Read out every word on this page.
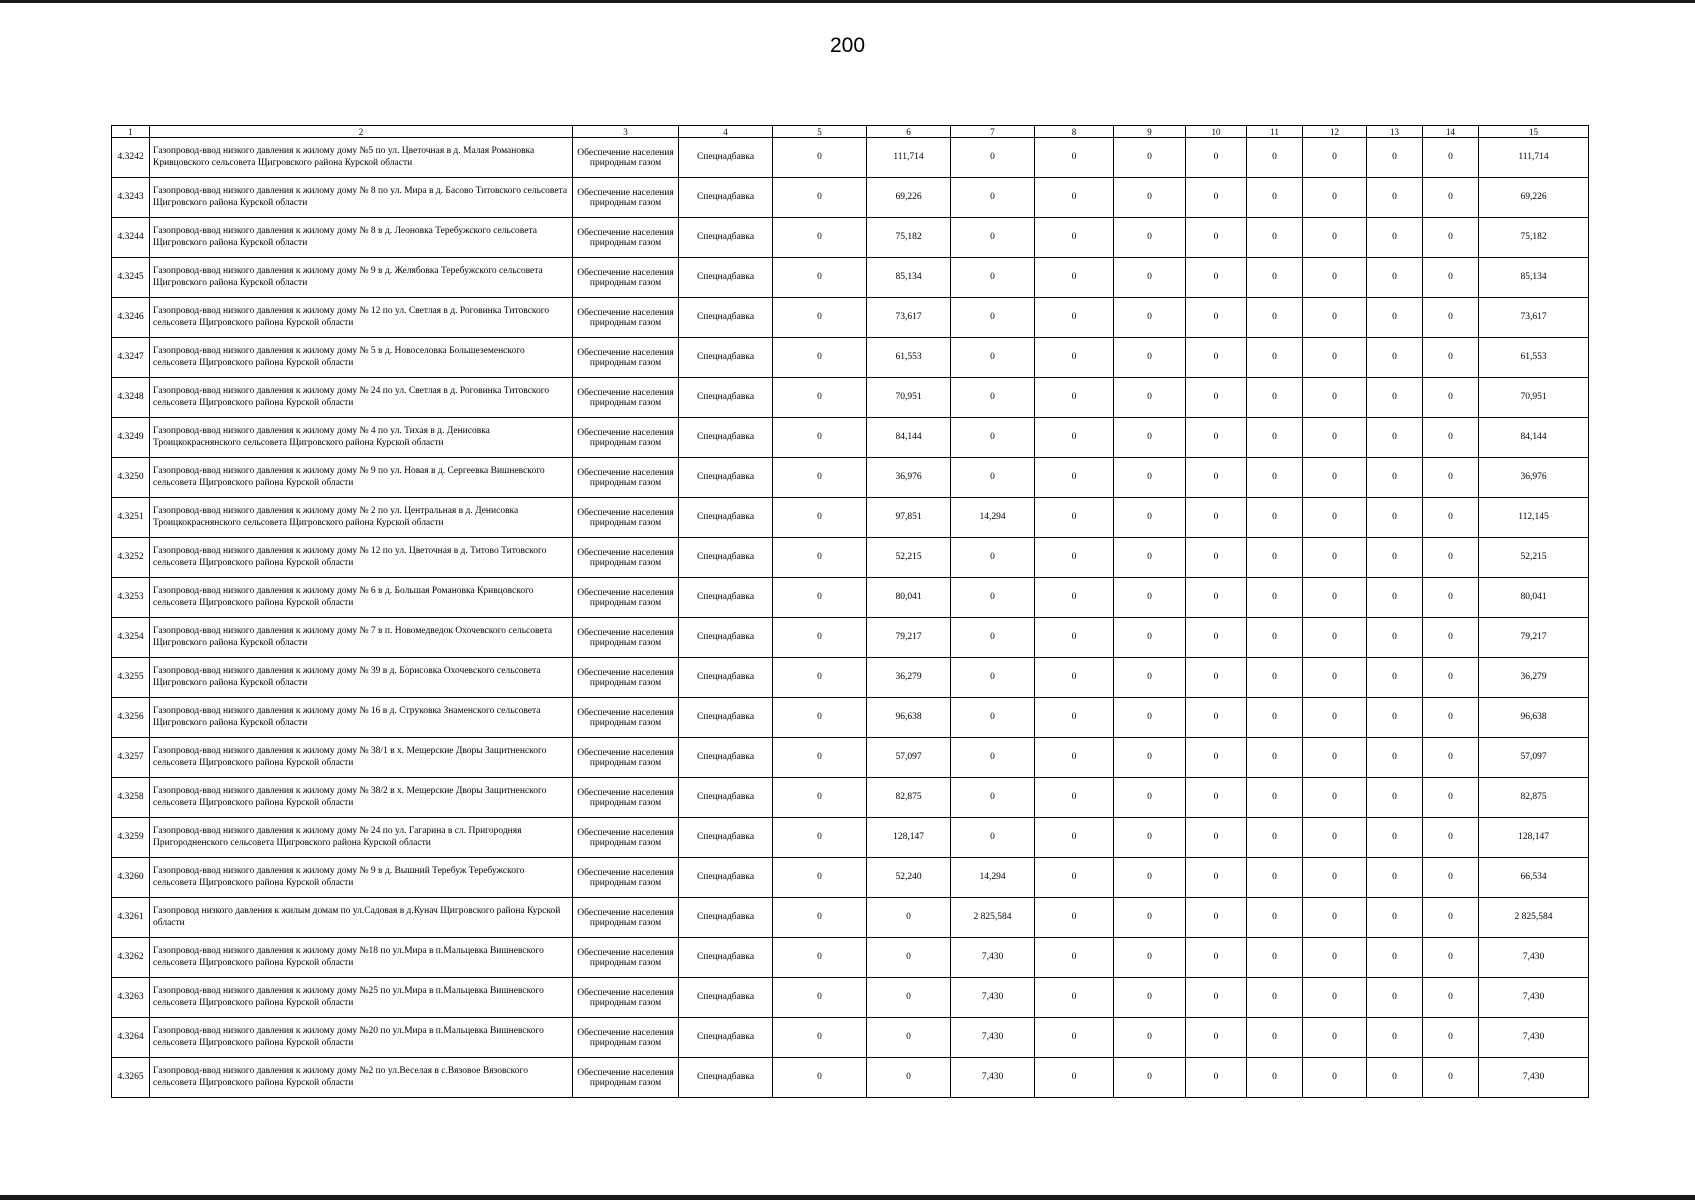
200
1	2	3	4	5	6	7	8	9	10	11	12	13	14	15
4.3242	Газопровод-ввод низкого давления к жилому дому №5 по ул. Цветочная в д. Малая Романовка Кривцовского сельсовета Щигровского района Курской области	Обеспечение населения природным газом	Спецнадбавка	0	111,714	0	0	0	0	0	0	0	0	111,714
4.3243	Газопровод-ввод низкого давления к жилому дому № 8 по ул. Мира в д. Басово Титовского сельсовета Щигровского района Курской области	Обеспечение населения природным газом	Спецнадбавка	0	69,226	0	0	0	0	0	0	0	0	69,226
4.3244	Газопровод-ввод низкого давления к жилому дому № 8 в д. Леоновка Теребужского сельсовета Щигровского района Курской области	Обеспечение населения природным газом	Спецнадбавка	0	75,182	0	0	0	0	0	0	0	0	75,182
4.3245	Газопровод-ввод низкого давления к жилому дому № 9 в д. Желябовка Теребужского сельсовета Щигровского района Курской области	Обеспечение населения природным газом	Спецнадбавка	0	85,134	0	0	0	0	0	0	0	0	85,134
4.3246	Газопровод-ввод низкого давления к жилому дому № 12 по ул. Светлая в д. Роговинка Титовского сельсовета Щигровского района Курской области	Обеспечение населения природным газом	Спецнадбавка	0	73,617	0	0	0	0	0	0	0	0	73,617
4.3247	Газопровод-ввод низкого давления к жилому дому № 5 в д. Новоселовка Большеземенского сельсовета Щигровского района Курской области	Обеспечение населения природным газом	Спецнадбавка	0	61,553	0	0	0	0	0	0	0	0	61,553
4.3248	Газопровод-ввод низкого давления к жилому дому № 24 по ул. Светлая в д. Роговинка Титовского сельсовета Щигровского района Курской области	Обеспечение населения природным газом	Спецнадбавка	0	70,951	0	0	0	0	0	0	0	0	70,951
4.3249	Газопровод-ввод низкого давления к жилому дому № 4 по ул. Тихая в д. Денисовка Троицкокраснянского сельсовета Щигровского района Курской области	Обеспечение населения природным газом	Спецнадбавка	0	84,144	0	0	0	0	0	0	0	0	84,144
4.3250	Газопровод-ввод низкого давления к жилому дому № 9 по ул. Новая в д. Сергеевка Вишневского сельсовета Щигровского района Курской области	Обеспечение населения природным газом	Спецнадбавка	0	36,976	0	0	0	0	0	0	0	0	36,976
4.3251	Газопровод-ввод низкого давления к жилому дому № 2 по ул. Центральная в д. Денисовка Троицкокраснянского сельсовета Щигровского района Курской области	Обеспечение населения природным газом	Спецнадбавка	0	97,851	14,294	0	0	0	0	0	0	0	112,145
4.3252	Газопровод-ввод низкого давления к жилому дому № 12 по ул. Цветочная в д. Титово Титовского сельсовета Щигровского района Курской области	Обеспечение населения природным газом	Спецнадбавка	0	52,215	0	0	0	0	0	0	0	0	52,215
4.3253	Газопровод-ввод низкого давления к жилому дому № 6 в д. Большая Романовка Кривцовского сельсовета Щигровского района Курской области	Обеспечение населения природным газом	Спецнадбавка	0	80,041	0	0	0	0	0	0	0	0	80,041
4.3254	Газопровод-ввод низкого давления к жилому дому № 7 в п. Новомедведок Охочевского сельсовета Щигровского района Курской области	Обеспечение населения природным газом	Спецнадбавка	0	79,217	0	0	0	0	0	0	0	0	79,217
4.3255	Газопровод-ввод низкого давления к жилому дому № 39 в д. Борисовка Охочевского сельсовета Щигровского района Курской области	Обеспечение населения природным газом	Спецнадбавка	0	36,279	0	0	0	0	0	0	0	0	36,279
4.3256	Газопровод-ввод низкого давления к жилому дому № 16 в д. Струковка Знаменского сельсовета Щигровского района Курской области	Обеспечение населения природным газом	Спецнадбавка	0	96,638	0	0	0	0	0	0	0	0	96,638
4.3257	Газопровод-ввод низкого давления к жилому дому № 38/1 в х. Мещерские Дворы Защитненского сельсовета Щигровского района Курской области	Обеспечение населения природным газом	Спецнадбавка	0	57,097	0	0	0	0	0	0	0	0	57,097
4.3258	Газопровод-ввод низкого давления к жилому дому № 38/2 в х. Мещерские Дворы Защитненского сельсовета Щигровского района Курской области	Обеспечение населения природным газом	Спецнадбавка	0	82,875	0	0	0	0	0	0	0	0	82,875
4.3259	Газопровод-ввод низкого давления к жилому дому № 24 по ул. Гагарина в сл. Пригородняя Пригородненского сельсовета Щигровского района Курской области	Обеспечение населения природным газом	Спецнадбавка	0	128,147	0	0	0	0	0	0	0	0	128,147
4.3260	Газопровод-ввод низкого давления к жилому дому № 9 в д. Вышний Теребуж Теребужского сельсовета Щигровского района Курской области	Обеспечение населения природным газом	Спецнадбавка	0	52,240	14,294	0	0	0	0	0	0	0	66,534
4.3261	Газопровод низкого давления к жилым домам по ул.Садовая в д.Кунач Щигровского района Курской области	Обеспечение населения природным газом	Спецнадбавка	0	0	2 825,584	0	0	0	0	0	0	0	2 825,584
4.3262	Газопровод-ввод низкого давления к жилому дому №18 по ул.Мира в п.Мальцевка Вишневского сельсовета Щигровского района Курской области	Обеспечение населения природным газом	Спецнадбавка	0	0	7,430	0	0	0	0	0	0	0	7,430
4.3263	Газопровод-ввод низкого давления к жилому дому №25 по ул.Мира в п.Мальцевка Вишневского сельсовета Щигровского района Курской области	Обеспечение населения природным газом	Спецнадбавка	0	0	7,430	0	0	0	0	0	0	0	7,430
4.3264	Газопровод-ввод низкого давления к жилому дому №20 по ул.Мира в п.Мальцевка Вишневского сельсовета Щигровского района Курской области	Обеспечение населения природным газом	Спецнадбавка	0	0	7,430	0	0	0	0	0	0	0	7,430
4.3265	Газопровод-ввод низкого давления к жилому дому №2 по ул.Веселая в с.Вязовое Вязовского сельсовета Щигровского района Курской области	Обеспечение населения природным газом	Спецнадбавка	0	0	7,430	0	0	0	0	0	0	0	7,430
